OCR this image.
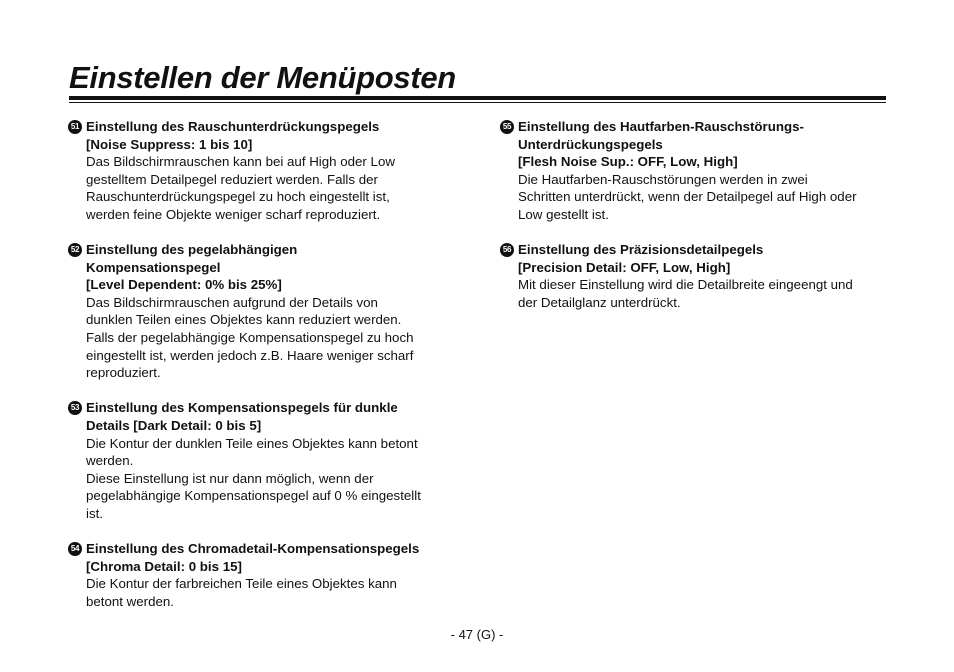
Einstellen der Menüposten
51 Einstellung des Rauschunterdrückungspegels
[Noise Suppress: 1 bis 10]
Das Bildschirmrauschen kann bei auf High oder Low
gestelltem Detailpegel reduziert werden. Falls der
Rauschunterdrückungspegel zu hoch eingestellt ist,
werden feine Objekte weniger scharf reproduziert.
52 Einstellung des pegelabhängigen
Kompensationspegel
[Level Dependent: 0% bis 25%]
Das Bildschirmrauschen aufgrund der Details von
dunklen Teilen eines Objektes kann reduziert werden.
Falls der pegelabhängige Kompensationspegel zu hoch
eingestellt ist, werden jedoch z.B. Haare weniger scharf
reproduziert.
53 Einstellung des Kompensationspegels für dunkle
Details [Dark Detail: 0 bis 5]
Die Kontur der dunklen Teile eines Objektes kann betont
werden.
Diese Einstellung ist nur dann möglich, wenn der
pegelabhängige Kompensationspegel auf 0 % eingestellt
ist.
54 Einstellung des Chromadetail-Kompensationspegels
[Chroma Detail: 0 bis 15]
Die Kontur der farbreichen Teile eines Objektes kann
betont werden.
55 Einstellung des Hautfarben-Rauschstörungs-
Unterdrückungspegels
[Flesh Noise Sup.: OFF, Low, High]
Die Hautfarben-Rauschstörungen werden in zwei
Schritten unterdrückt, wenn der Detailpegel auf High oder
Low gestellt ist.
56 Einstellung des Präzisionsdetailpegels
[Precision Detail: OFF, Low, High]
Mit dieser Einstellung wird die Detailbreite eingeengt und
der Detailglanz unterdrückt.
- 47 (G) -
